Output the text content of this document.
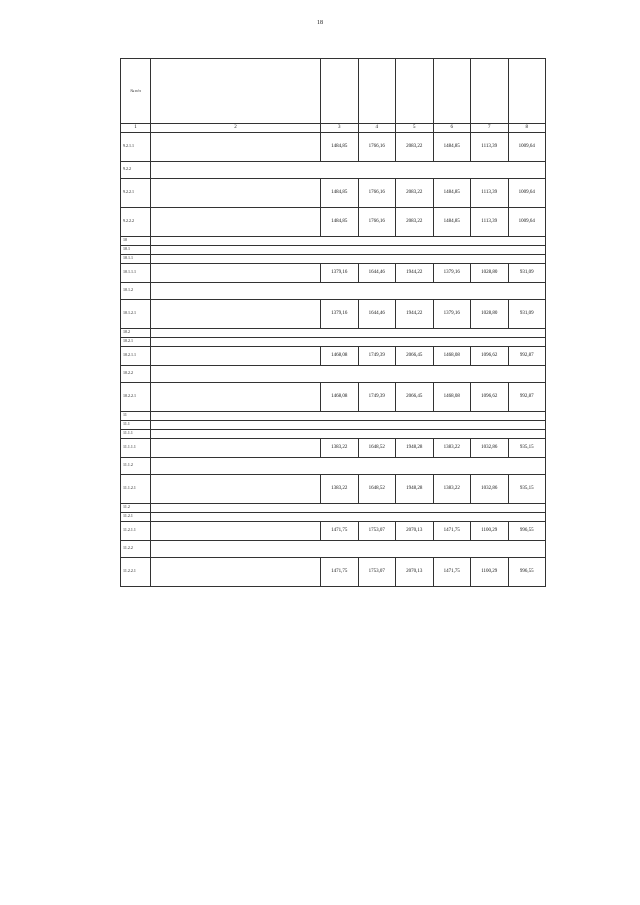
18
№ п/п							
1	2	3	4	5	6	7	8
9.2.1.1		1484,85	1766,16	2083,22	1484,85	1113,39	1009,64
9.2.2							
9.2.2.1		1484,85	1766,16	2083,22	1484,85	1113,39	1009,64
9.2.2.2		1484,85	1766,16	2083,22	1484,85	1113,39	1009,64
10							
10.1							
10.1.1							
10.1.1.1		1379,16	1644,46	1944,22	1379,16	1028,80	931,09
10.1.2							
10.1.2.1		1379,16	1644,46	1944,22	1379,16	1028,80	931,09
10.2							
10.2.1							
10.2.1.1		1468,08	1749,39	2066,45	1468,08	1096,62	992,87
10.2.2							
10.2.2.1		1468,08	1749,39	2066,45	1468,08	1096,62	992,87
11							
11.1							
11.1.1							
11.1.1.1		1383,22	1648,52	1948,28	1383,22	1032,86	935,15
11.1.2							
11.1.2.1		1383,22	1648,52	1948,28	1383,22	1032,86	935,15
11.2							
11.2.1							
11.2.1.1		1471,75	1753,07	2070,13	1471,75	1100,29	996,55
11.2.2							
11.2.2.1		1471,75	1753,07	2070,13	1471,75	1100,29	996,55
